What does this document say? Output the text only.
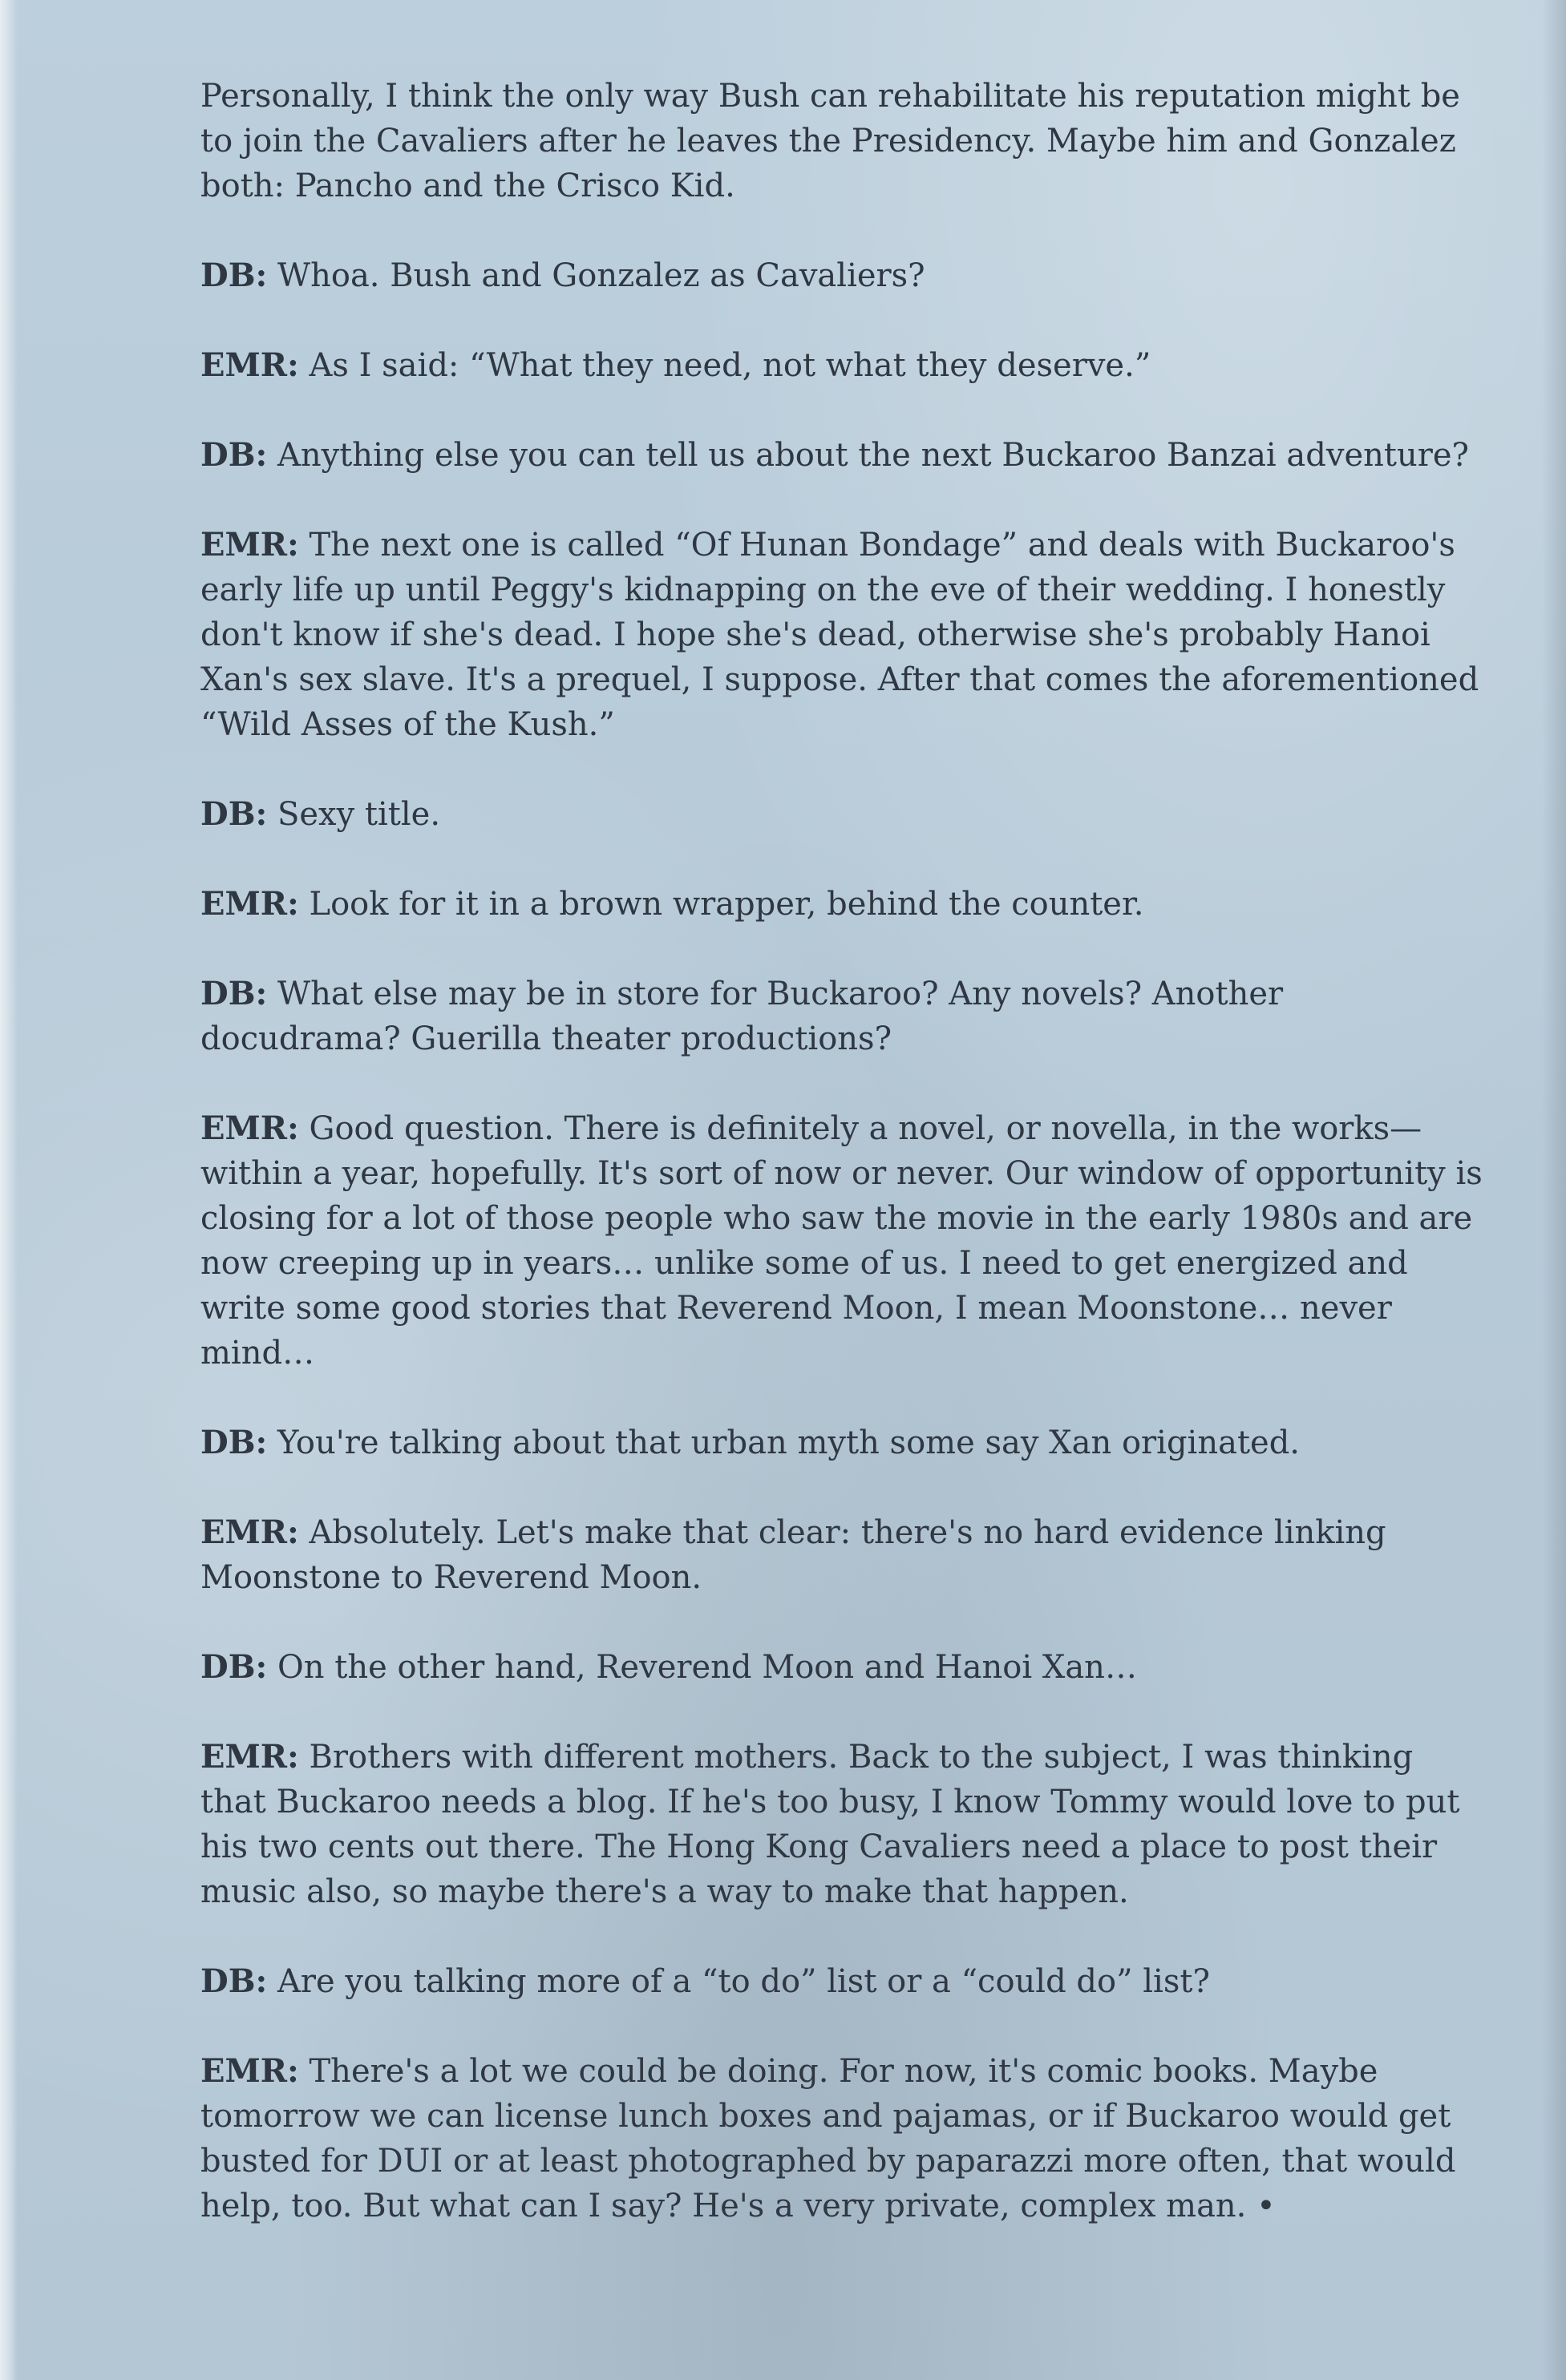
Personally, I think the only way Bush can rehabilitate his reputation might be to join the Cavaliers after he leaves the Presidency. Maybe him and Gonzalez both: Pancho and the Crisco Kid.

DB: Whoa. Bush and Gonzalez as Cavaliers?

EMR: As I said: “What they need, not what they deserve.”

DB: Anything else you can tell us about the next Buckaroo Banzai adventure?

EMR: The next one is called “Of Hunan Bondage” and deals with Buckaroo's early life up until Peggy's kidnapping on the eve of their wedding. I honestly don't know if she's dead. I hope she's dead, otherwise she's probably Hanoi Xan's sex slave. It's a prequel, I suppose. After that comes the aforementioned “Wild Asses of the Kush.”

DB: Sexy title.

EMR: Look for it in a brown wrapper, behind the counter.

DB: What else may be in store for Buckaroo? Any novels? Another docudrama? Guerilla theater productions?

EMR: Good question. There is definitely a novel, or novella, in the works—within a year, hopefully. It's sort of now or never. Our window of opportunity is closing for a lot of those people who saw the movie in the early 1980s and are now creeping up in years… unlike some of us. I need to get energized and write some good stories that Reverend Moon, I mean Moonstone… never mind…

DB: You're talking about that urban myth some say Xan originated.

EMR: Absolutely. Let's make that clear: there's no hard evidence linking Moonstone to Reverend Moon.

DB: On the other hand, Reverend Moon and Hanoi Xan…

EMR: Brothers with different mothers. Back to the subject, I was thinking that Buckaroo needs a blog. If he's too busy, I know Tommy would love to put his two cents out there. The Hong Kong Cavaliers need a place to post their music also, so maybe there's a way to make that happen.

DB: Are you talking more of a “to do” list or a “could do” list?

EMR: There's a lot we could be doing. For now, it's comic books. Maybe tomorrow we can license lunch boxes and pajamas, or if Buckaroo would get busted for DUI or at least photographed by paparazzi more often, that would help, too. But what can I say? He's a very private, complex man. •
